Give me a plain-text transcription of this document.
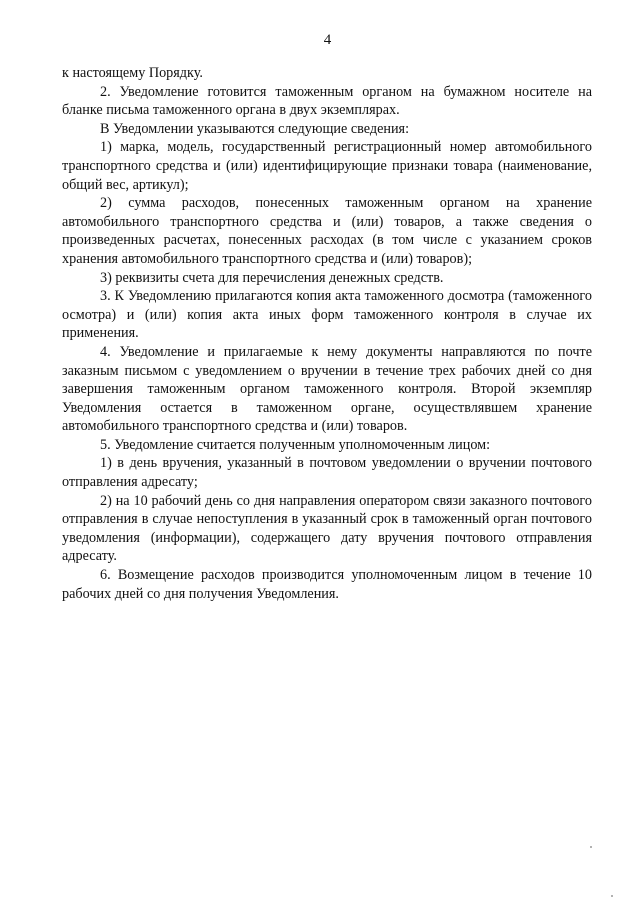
4

к настоящему Порядку.

2. Уведомление готовится таможенным органом на бумажном носителе на бланке письма таможенного органа в двух экземплярах.

В Уведомлении указываются следующие сведения:

1) марка, модель, государственный регистрационный номер автомобильного транспортного средства и (или) идентифицирующие признаки товара (наименование, общий вес, артикул);

2) сумма расходов, понесенных таможенным органом на хранение автомобильного транспортного средства и (или) товаров, а также сведения о произведенных расчетах, понесенных расходах (в том числе с указанием сроков хранения автомобильного транспортного средства и (или) товаров);

3) реквизиты счета для перечисления денежных средств.

3. К Уведомлению прилагаются копия акта таможенного досмотра (таможенного осмотра) и (или) копия акта иных форм таможенного контроля в случае их применения.

4. Уведомление и прилагаемые к нему документы направляются по почте заказным письмом с уведомлением о вручении в течение трех рабочих дней со дня завершения таможенным органом таможенного контроля. Второй экземпляр Уведомления остается в таможенном органе, осуществлявшем хранение автомобильного транспортного средства и (или) товаров.

5. Уведомление считается полученным уполномоченным лицом:

1) в день вручения, указанный в почтовом уведомлении о вручении почтового отправления адресату;

2) на 10 рабочий день со дня направления оператором связи заказного почтового отправления в случае непоступления в указанный срок в таможенный орган почтового уведомления (информации), содержащего дату вручения почтового отправления адресату.

6. Возмещение расходов производится уполномоченным лицом в течение 10 рабочих дней со дня получения Уведомления.
